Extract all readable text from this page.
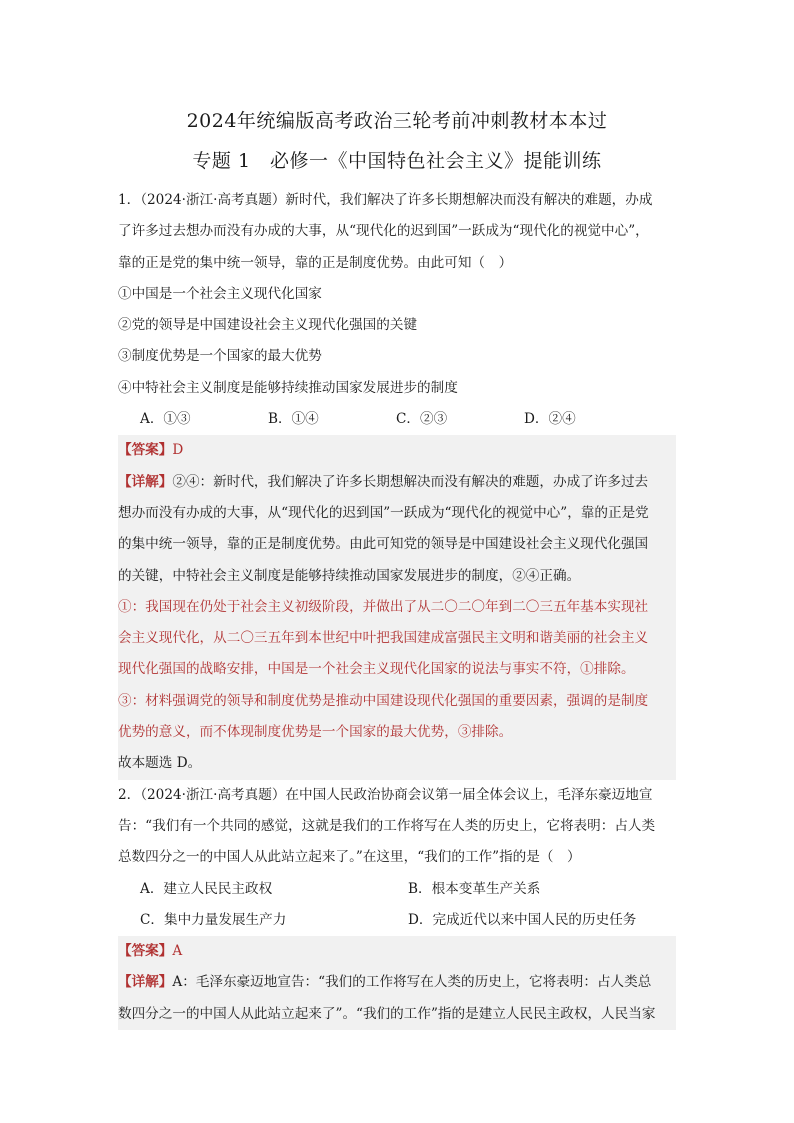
2024年统编版高考政治三轮考前冲刺教材本本过
专题 1　必修一《中国特色社会主义》提能训练

1．（2024·浙江·高考真题）新时代，我们解决了许多长期想解决而没有解决的难题，办成

了许多过去想办而没有办成的大事，从“现代化的迟到国”一跃成为“现代化的视觉中心”，

靠的正是党的集中统一领导，靠的正是制度优势。由此可知（　）

①中国是一个社会主义现代化国家

②党的领导是中国建设社会主义现代化强国的关键

③制度优势是一个国家的最大优势

④中特社会主义制度是能够持续推动国家发展进步的制度

A．①③	B．①④	C．②③	D．②④

【答案】D

【详解】②④：新时代，我们解决了许多长期想解决而没有解决的难题，办成了许多过去

想办而没有办成的大事，从“现代化的迟到国”一跃成为“现代化的视觉中心”，靠的正是党

的集中统一领导，靠的正是制度优势。由此可知党的领导是中国建设社会主义现代化强国

的关键，中特社会主义制度是能够持续推动国家发展进步的制度，②④正确。

①：我国现在仍处于社会主义初级阶段，并做出了从二〇二〇年到二〇三五年基本实现社

会主义现代化，从二〇三五年到本世纪中叶把我国建成富强民主文明和谐美丽的社会主义

现代化强国的战略安排，中国是一个社会主义现代化国家的说法与事实不符，①排除。

③：材料强调党的领导和制度优势是推动中国建设现代化强国的重要因素，强调的是制度

优势的意义，而不体现制度优势是一个国家的最大优势，③排除。

故本题选 D。

2．（2024·浙江·高考真题）在中国人民政治协商会议第一届全体会议上，毛泽东豪迈地宣

告：“我们有一个共同的感觉，这就是我们的工作将写在人类的历史上，它将表明：占人类

总数四分之一的中国人从此站立起来了。”在这里，“我们的工作”指的是（　）

A．建立人民民主政权	B．根本变革生产关系
C．集中力量发展生产力	D．完成近代以来中国人民的历史任务

【答案】A

【详解】A：毛泽东豪迈地宣告：“我们的工作将写在人类的历史上，它将表明：占人类总

数四分之一的中国人从此站立起来了”。“我们的工作”指的是建立人民民主政权，人民当家
